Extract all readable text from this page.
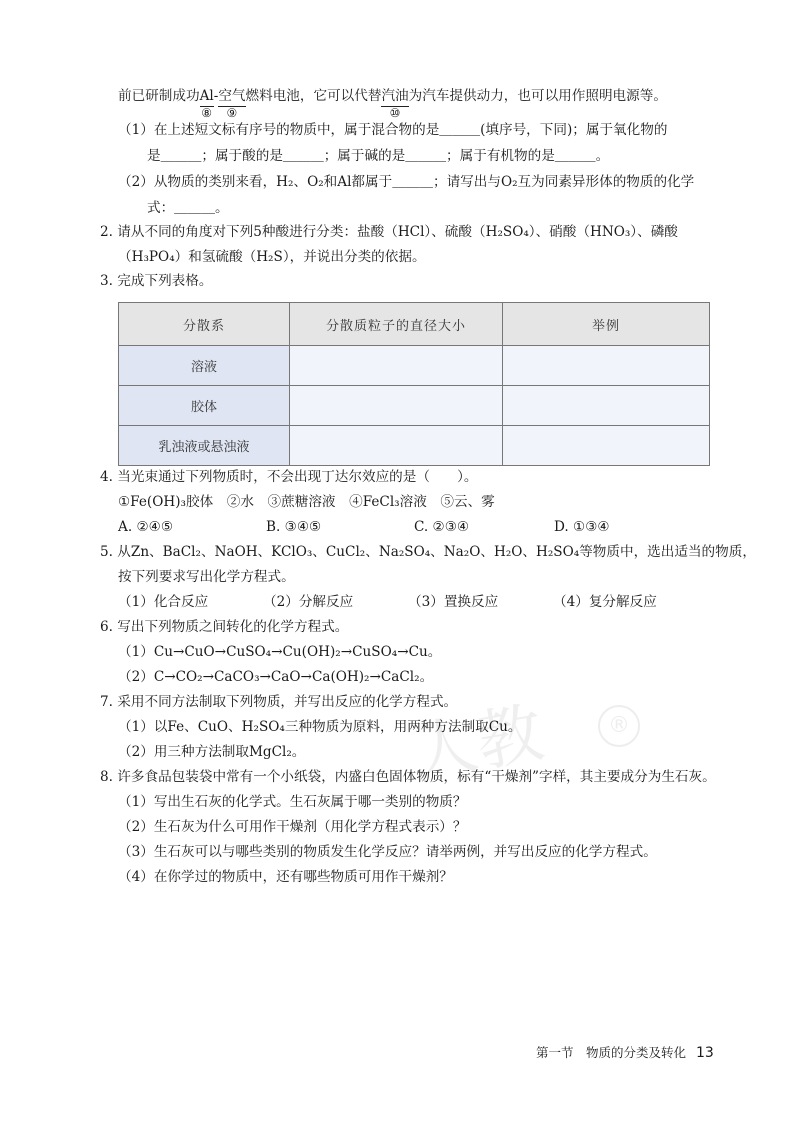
人教	®
前已研制成功Al
⑧
-空气
⑨
燃料电池，它可以代替汽油
⑩
为汽车提供动力，也可以用作照明电源等。
（1）在上述短文标有序号的物质中，属于混合物的是＿＿＿(填序号，下同)；属于氧化物的
是＿＿＿；属于酸的是＿＿＿；属于碱的是＿＿＿；属于有机物的是＿＿＿。
（2）从物质的类别来看，H₂、O₂和Al都属于＿＿＿；请写出与O₂互为同素异形体的物质的化学
式：＿＿＿。
2. 请从不同的角度对下列5种酸进行分类：盐酸（HCl）、硫酸（H₂SO₄）、硝酸（HNO₃）、磷酸
（H₃PO₄）和氢硫酸（H₂S），并说出分类的依据。
3. 完成下列表格。
分散系	分散质粒子的直径大小	举例
溶液		
胶体		
乳浊液或悬浊液		
4. 当光束通过下列物质时，不会出现丁达尔效应的是（　　）。
①Fe(OH)₃胶体　②水　③蔗糖溶液　④FeCl₃溶液　⑤云、雾
A. ②④⑤	B. ③④⑤	C. ②③④	D. ①③④
5. 从Zn、BaCl₂、NaOH、KClO₃、CuCl₂、Na₂SO₄、Na₂O、H₂O、H₂SO₄等物质中，选出适当的物质，
按下列要求写出化学方程式。
（1）化合反应	（2）分解反应	（3）置换反应	（4）复分解反应
6. 写出下列物质之间转化的化学方程式。
（1）Cu→CuO→CuSO₄→Cu(OH)₂→CuSO₄→Cu。
（2）C→CO₂→CaCO₃→CaO→Ca(OH)₂→CaCl₂。
7. 采用不同方法制取下列物质，并写出反应的化学方程式。
（1）以Fe、CuO、H₂SO₄三种物质为原料，用两种方法制取Cu。
（2）用三种方法制取MgCl₂。
8. 许多食品包装袋中常有一个小纸袋，内盛白色固体物质，标有“干燥剂”字样，其主要成分为生石灰。
（1）写出生石灰的化学式。生石灰属于哪一类别的物质？
（2）生石灰为什么可用作干燥剂（用化学方程式表示）？
（3）生石灰可以与哪些类别的物质发生化学反应？请举两例，并写出反应的化学方程式。
（4）在你学过的物质中，还有哪些物质可用作干燥剂？
第一节　物质的分类及转化 13
